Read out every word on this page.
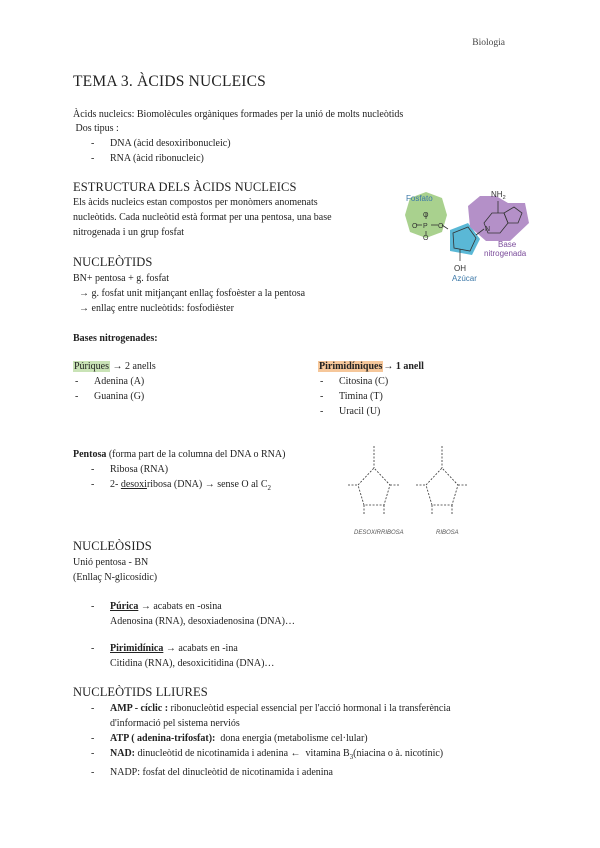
Biologia
TEMA 3. ÀCIDS NUCLEICS
Àcids nucleics: Biomolècules orgàniques formades per la unió de molts nucleòtids
Dos tipus :
- DNA (àcid desoxiribonucleic)
- RNA (àcid ribonucleic)
ESTRUCTURA DELS ÀCIDS NUCLEICS
Els àcids nucleics estan compostos per monòmers anomenats
nucleòtids. Cada nucleòtid està format per una pentosa, una base
nitrogenada i un grup fosfat
Fosfato
O P
O
O
O	N
$NH_2$
Base
nitrogenada
OH
Azúcar
NUCLEÒTIDS
BN+ pentosa + g. fosfat
→ g. fosfat unit mitjançant enllaç fosfoèster a la pentosa
→ enllaç entre nucleòtids: fosfodièster
Bases nitrogenades:
Púriques → 2 anells
- Adenina (A)
- Guanina (G)
Pirimidíniques→ 1 anell
- Citosina (C)
- Timina (T)
- Uracil (U)
Pentosa (forma part de la columna del DNA o RNA)
- Ribosa (RNA)
- 2- desoxiribosa (DNA) → sense O al $C_2$
DESOXIRRIBOSA	RIBOSA
NUCLEÒSIDS
Unió pentosa - BN
(Enllaç N-glicosídic)
- Púrica → acabats en -osina
Adenosina (RNA), desoxiadenosina (DNA)…
- Pirimidínica → acabats en -ina
Citidina (RNA), desoxicitidina (DNA)…
NUCLEÒTIDS LLIURES
- AMP - cíclic : ribonucleòtid especial essencial per l'acció hormonal i la transferència
d'informació pel sistema nerviós
- ATP ( adenina-trifosfat):  dona energia (metabolisme cel·lular)
- NAD: dinucleòtid de nicotinamida i adenina ←  vitamina $B_3(niacina$ o à. nicotínic)
- NADP: fosfat del dinucleòtid de nicotinamida i adenina
